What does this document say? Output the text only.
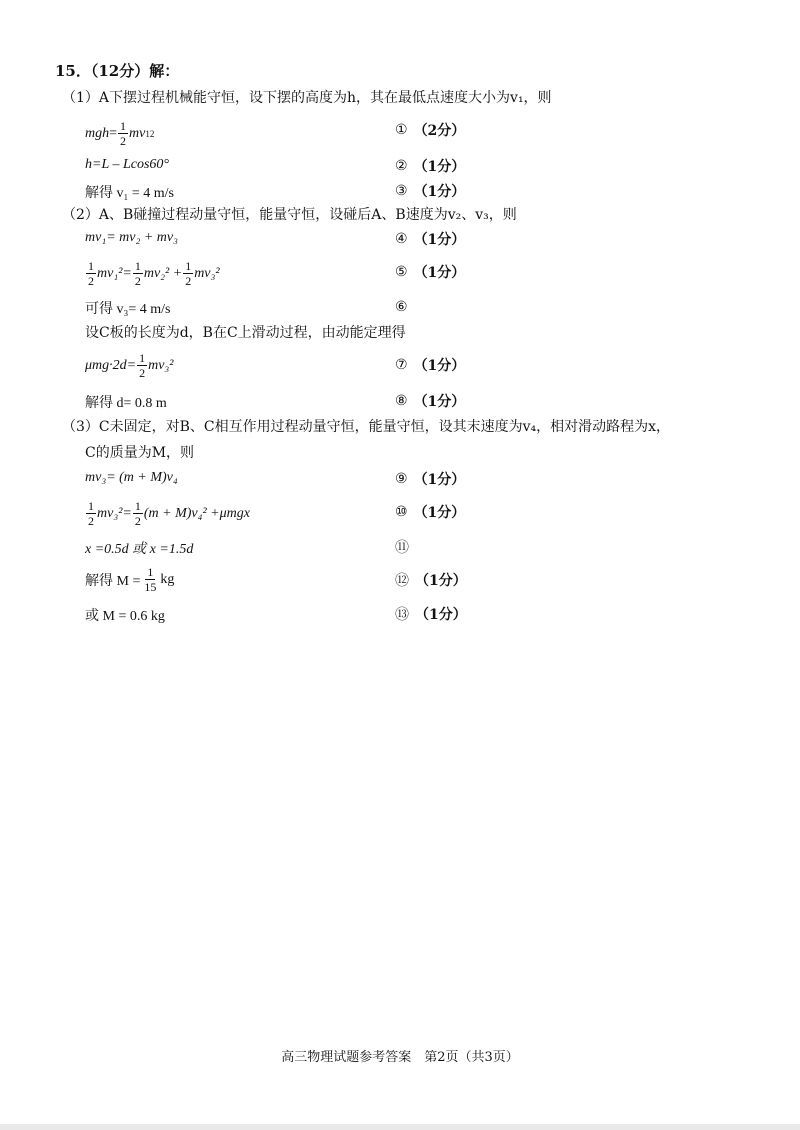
15．（12分）解：
（1）A下摆过程机械能守恒，设下摆的高度为h，其在最低点速度大小为v₁，则
mgh = $\frac{1}{2}$ mv 1 2	① （2分）
h=L – Lcos60°	② （1分）
解得 v₁ = 4 m/s	③ （1分）
（2）A、B碰撞过程动量守恒，能量守恒，设碰后A、B速度为v₂、v₃，则
mv₁= mv₂ + mv₃	④ （1分）
$\frac{1}{2} mv_1^2= \frac{1}{2} mv_2^2 + \frac{1}{2} mv_3^2$	⑤ （1分）
可得 v₃= 4 m/s	⑥
设C板的长度为d，B在C上滑动过程，由动能定理得
$\mu mg\cdot 2d= \frac{1}{2} mv_3^2$	⑦ （1分）
解得 d= 0.8 m	⑧ （1分）
（3）C未固定，对B、C相互作用过程动量守恒，能量守恒，设其末速度为v₄，相对滑动路程为x，
C的质量为M，则
mv₃= (m + M)v₄	⑨ （1分）
$\frac{1}{2} mv_3^2= \frac{1}{2} (m + M)v_4^2 +\mu mgx$	⑩ （1分）
x =0.5d 或 x =1.5d	⑪
解得 $M = \frac{1}{15}$ kg	⑫ （1分）
或 M = 0.6 kg	⑬ （1分）
高三物理试题参考答案　第2页（共3页）
